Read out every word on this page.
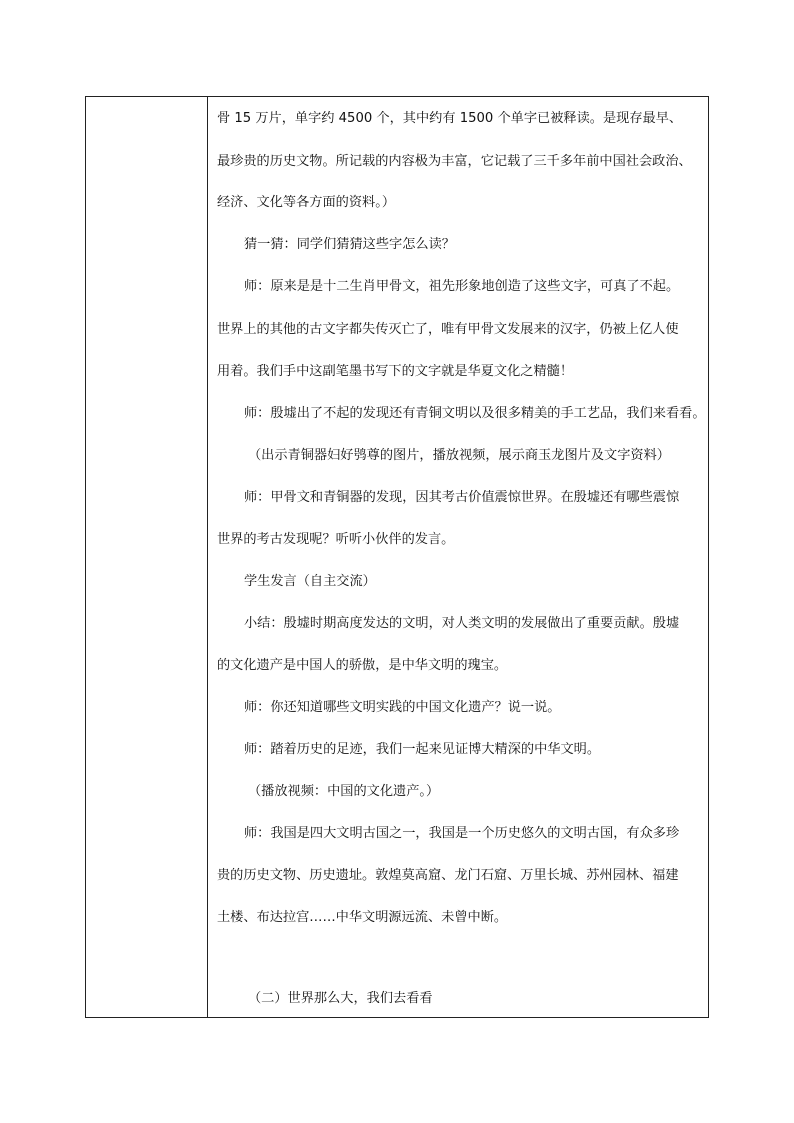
骨 15 万片，单字约 4500 个，其中约有 1500 个单字已被释读。是现存最早、
最珍贵的历史文物。所记载的内容极为丰富，它记载了三千多年前中国社会政治、
经济、文化等各方面的资料。）
猜一猜：同学们猜猜这些字怎么读？
师：原来是是十二生肖甲骨文，祖先形象地创造了这些文字，可真了不起。
世界上的其他的古文字都失传灭亡了，唯有甲骨文发展来的汉字，仍被上亿人使
用着。我们手中这副笔墨书写下的文字就是华夏文化之精髓！
师：殷墟出了不起的发现还有青铜文明以及很多精美的手工艺品，我们来看看。
（出示青铜器妇好鸮尊的图片，播放视频，展示商玉龙图片及文字资料）
师：甲骨文和青铜器的发现，因其考古价值震惊世界。在殷墟还有哪些震惊
世界的考古发现呢？听听小伙伴的发言。
学生发言（自主交流）
小结：殷墟时期高度发达的文明，对人类文明的发展做出了重要贡献。殷墟
的文化遗产是中国人的骄傲，是中华文明的瑰宝。
师：你还知道哪些文明实践的中国文化遗产？说一说。
师：踏着历史的足迹，我们一起来见证博大精深的中华文明。
（播放视频：中国的文化遗产。）
师：我国是四大文明古国之一，我国是一个历史悠久的文明古国，有众多珍
贵的历史文物、历史遗址。敦煌莫高窟、龙门石窟、万里长城、苏州园林、福建
土楼、布达拉宫……中华文明源远流、未曾中断。
（二）世界那么大，我们去看看
